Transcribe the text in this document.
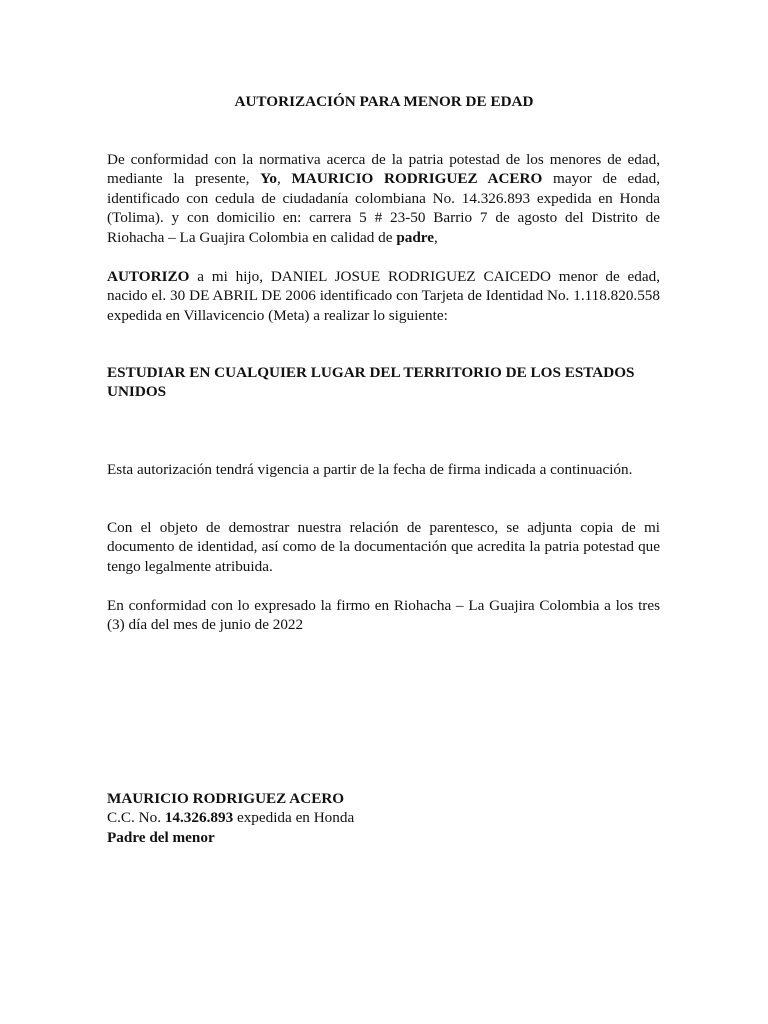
AUTORIZACIÓN PARA MENOR DE EDAD

De conformidad con la normativa acerca de la patria potestad de los menores de edad, mediante la presente, Yo, MAURICIO RODRIGUEZ ACERO mayor de edad, identificado con cedula de ciudadanía colombiana No. 14.326.893 expedida en Honda (Tolima). y con domicilio en: carrera 5 # 23-50 Barrio 7 de agosto del Distrito de Riohacha – La Guajira Colombia en calidad de padre,

AUTORIZO a mi hijo, DANIEL JOSUE RODRIGUEZ CAICEDO menor de edad, nacido el. 30 DE ABRIL DE 2006 identificado con Tarjeta de Identidad No. 1.118.820.558 expedida en Villavicencio (Meta) a realizar lo siguiente:

ESTUDIAR EN CUALQUIER LUGAR DEL TERRITORIO DE LOS ESTADOS UNIDOS

Esta autorización tendrá vigencia a partir de la fecha de firma indicada a continuación.

Con el objeto de demostrar nuestra relación de parentesco, se adjunta copia de mi documento de identidad, así como de la documentación que acredita la patria potestad que tengo legalmente atribuida.

En conformidad con lo expresado la firmo en Riohacha – La Guajira Colombia a los tres (3) día del mes de junio de 2022

MAURICIO RODRIGUEZ ACERO
C.C. No. 14.326.893 expedida en Honda
Padre del menor
